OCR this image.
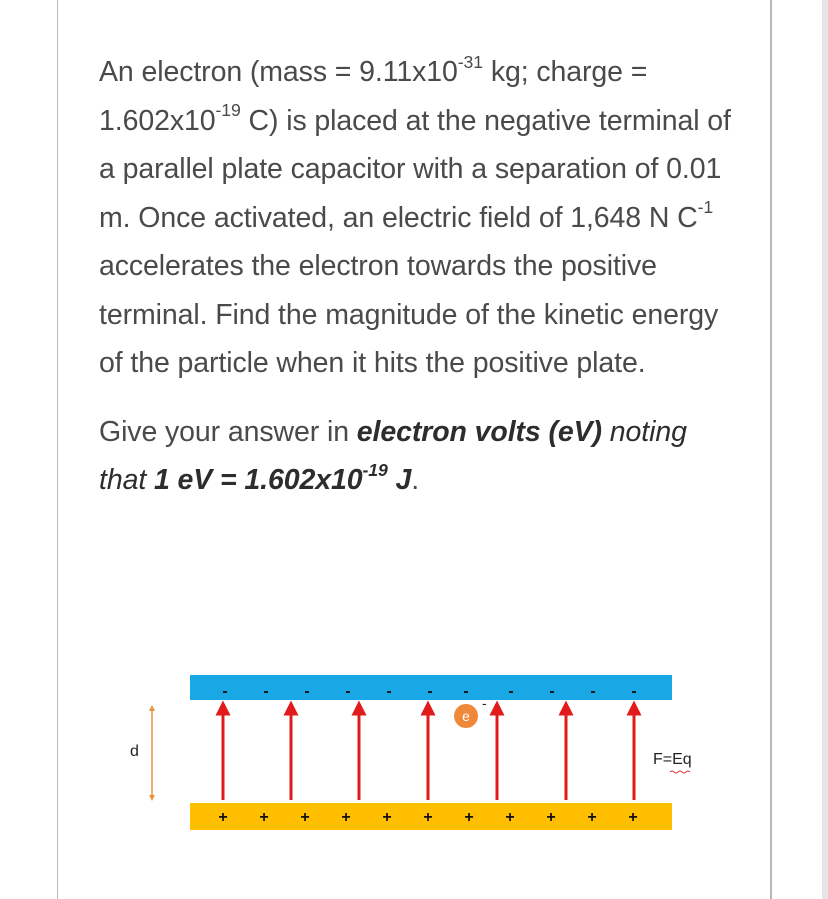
An electron (mass = $9.11x10^{-31}$ kg; charge = $1.602x10^{-19}$ C) is placed at the negative terminal of a parallel plate capacitor with a separation of 0.01 m. Once activated, an electric field of 1,648 N $C^{-1}$ accelerates the electron towards the positive terminal. Find the magnitude of the kinetic energy of the particle when it hits the positive plate.

Give your answer in electron volts (eV) noting
that 1 eV = $1.602x10^{-19}$ J.

- - - - - - - - - - -
+ + + + + + + + + + +
d
e
-
F=Eq
